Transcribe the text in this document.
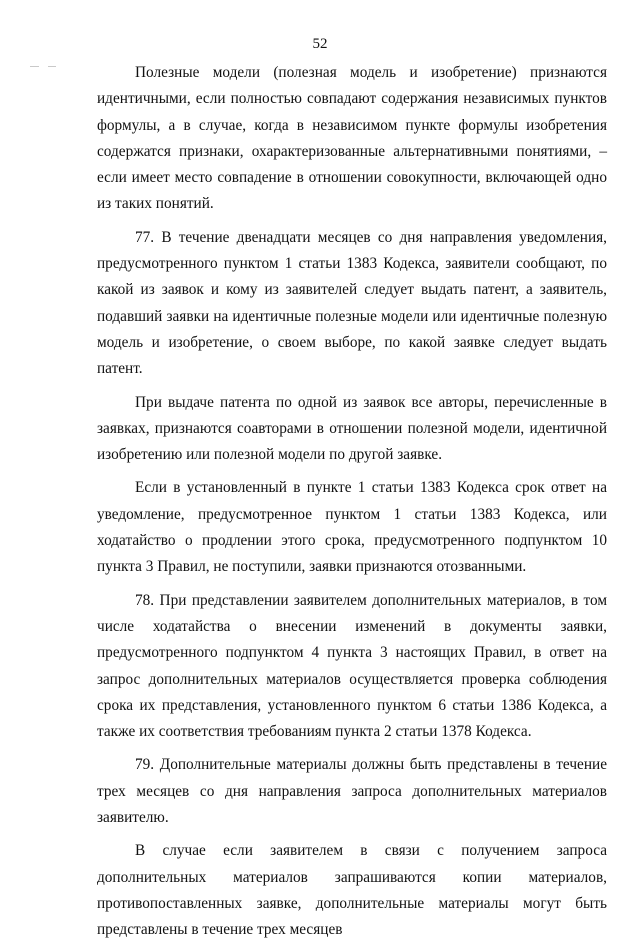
52

Полезные модели (полезная модель и изобретение) признаются идентичными, если полностью совпадают содержания независимых пунктов формулы, а в случае, когда в независимом пункте формулы изобретения содержатся признаки, охарактеризованные альтернативными понятиями, – если имеет место совпадение в отношении совокупности, включающей одно из таких понятий.

77. В течение двенадцати месяцев со дня направления уведомления, предусмотренного пунктом 1 статьи 1383 Кодекса, заявители сообщают, по какой из заявок и кому из заявителей следует выдать патент, а заявитель, подавший заявки на идентичные полезные модели или идентичные полезную модель и изобретение, о своем выборе, по какой заявке следует выдать патент.

При выдаче патента по одной из заявок все авторы, перечисленные в заявках, признаются соавторами в отношении полезной модели, идентичной изобретению или полезной модели по другой заявке.

Если в установленный в пункте 1 статьи 1383 Кодекса срок ответ на уведомление, предусмотренное пунктом 1 статьи 1383 Кодекса, или ходатайство о продлении этого срока, предусмотренного подпунктом 10 пункта 3 Правил, не поступили, заявки признаются отозванными.

78. При представлении заявителем дополнительных материалов, в том числе ходатайства о внесении изменений в документы заявки, предусмотренного подпунктом 4 пункта 3 настоящих Правил, в ответ на запрос дополнительных материалов осуществляется проверка соблюдения срока их представления, установленного пунктом 6 статьи 1386 Кодекса, а также их соответствия требованиям пункта 2 статьи 1378 Кодекса.

79. Дополнительные материалы должны быть представлены в течение трех месяцев со дня направления запроса дополнительных материалов заявителю.

В случае если заявителем в связи с получением запроса дополнительных материалов запрашиваются копии материалов, противопоставленных заявке, дополнительные материалы могут быть представлены в течение трех месяцев
